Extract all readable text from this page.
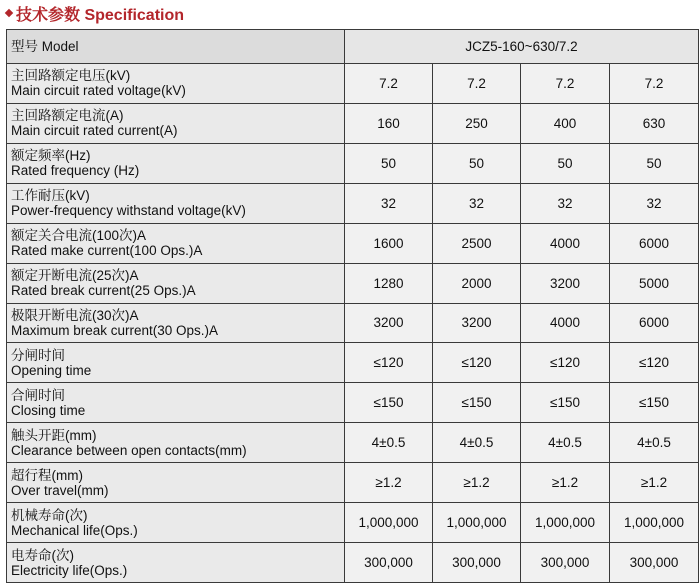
技术参数 Specification
型号 Model	JCZ5-160~630/7.2			

主回路额定电压(kV)
Main circuit rated voltage(kV)	7.2	7.2	7.2	7.2

主回路额定电流(A)
Main circuit rated current(A)	160	250	400	630

额定频率(Hz)
Rated frequency (Hz)	50	50	50	50

工作耐压(kV)
Power-frequency withstand voltage(kV)	32	32	32	32

额定关合电流(100次)A
Rated make current(100 Ops.)A	1600	2500	4000	6000

额定开断电流(25次)A
Rated break current(25 Ops.)A	1280	2000	3200	5000

极限开断电流(30次)A
Maximum break current(30 Ops.)A	3200	3200	4000	6000

分闸时间
Opening time	≤120	≤120	≤120	≤120

合闸时间
Closing time	≤150	≤150	≤150	≤150

触头开距(mm)
Clearance between open contacts(mm)	4±0.5	4±0.5	4±0.5	4±0.5

超行程(mm)
Over travel(mm)	≥1.2	≥1.2	≥1.2	≥1.2

机械寿命(次)
Mechanical life(Ops.)	1,000,000	1,000,000	1,000,000	1,000,000

电寿命(次)
Electricity life(Ops.)	300,000	300,000	300,000	300,000
